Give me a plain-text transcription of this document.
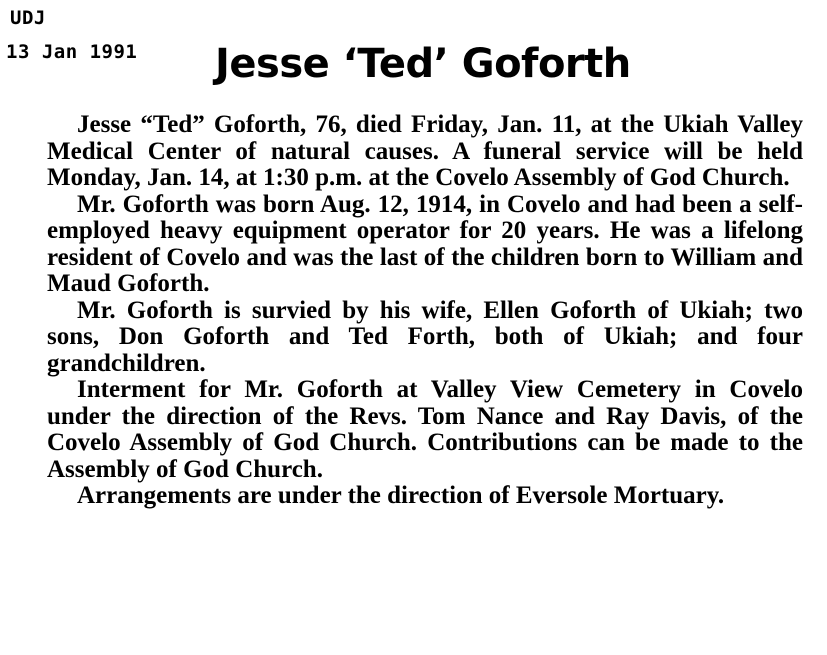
UDJ
13 Jan 1991 Jesse ‘Ted’ Goforth

Jesse “Ted” Goforth, 76, died Friday, Jan. 11, at the Ukiah Valley Medical Center of natural causes. A funeral service will be held Monday, Jan. 14, at 1:30 p.m. at the Covelo Assembly of God Church.

Mr. Goforth was born Aug. 12, 1914, in Covelo and had been a self-employed heavy equipment operator for 20 years. He was a lifelong resident of Covelo and was the last of the children born to William and Maud Goforth.

Mr. Goforth is survied by his wife, Ellen Goforth of Ukiah; two sons, Don Goforth and Ted Forth, both of Ukiah; and four grandchildren.

Interment for Mr. Goforth at Valley View Cemetery in Covelo under the direction of the Revs. Tom Nance and Ray Davis, of the Covelo Assembly of God Church. Contributions can be made to the Assembly of God Church.

Arrangements are under the direction of Eversole Mortuary.
